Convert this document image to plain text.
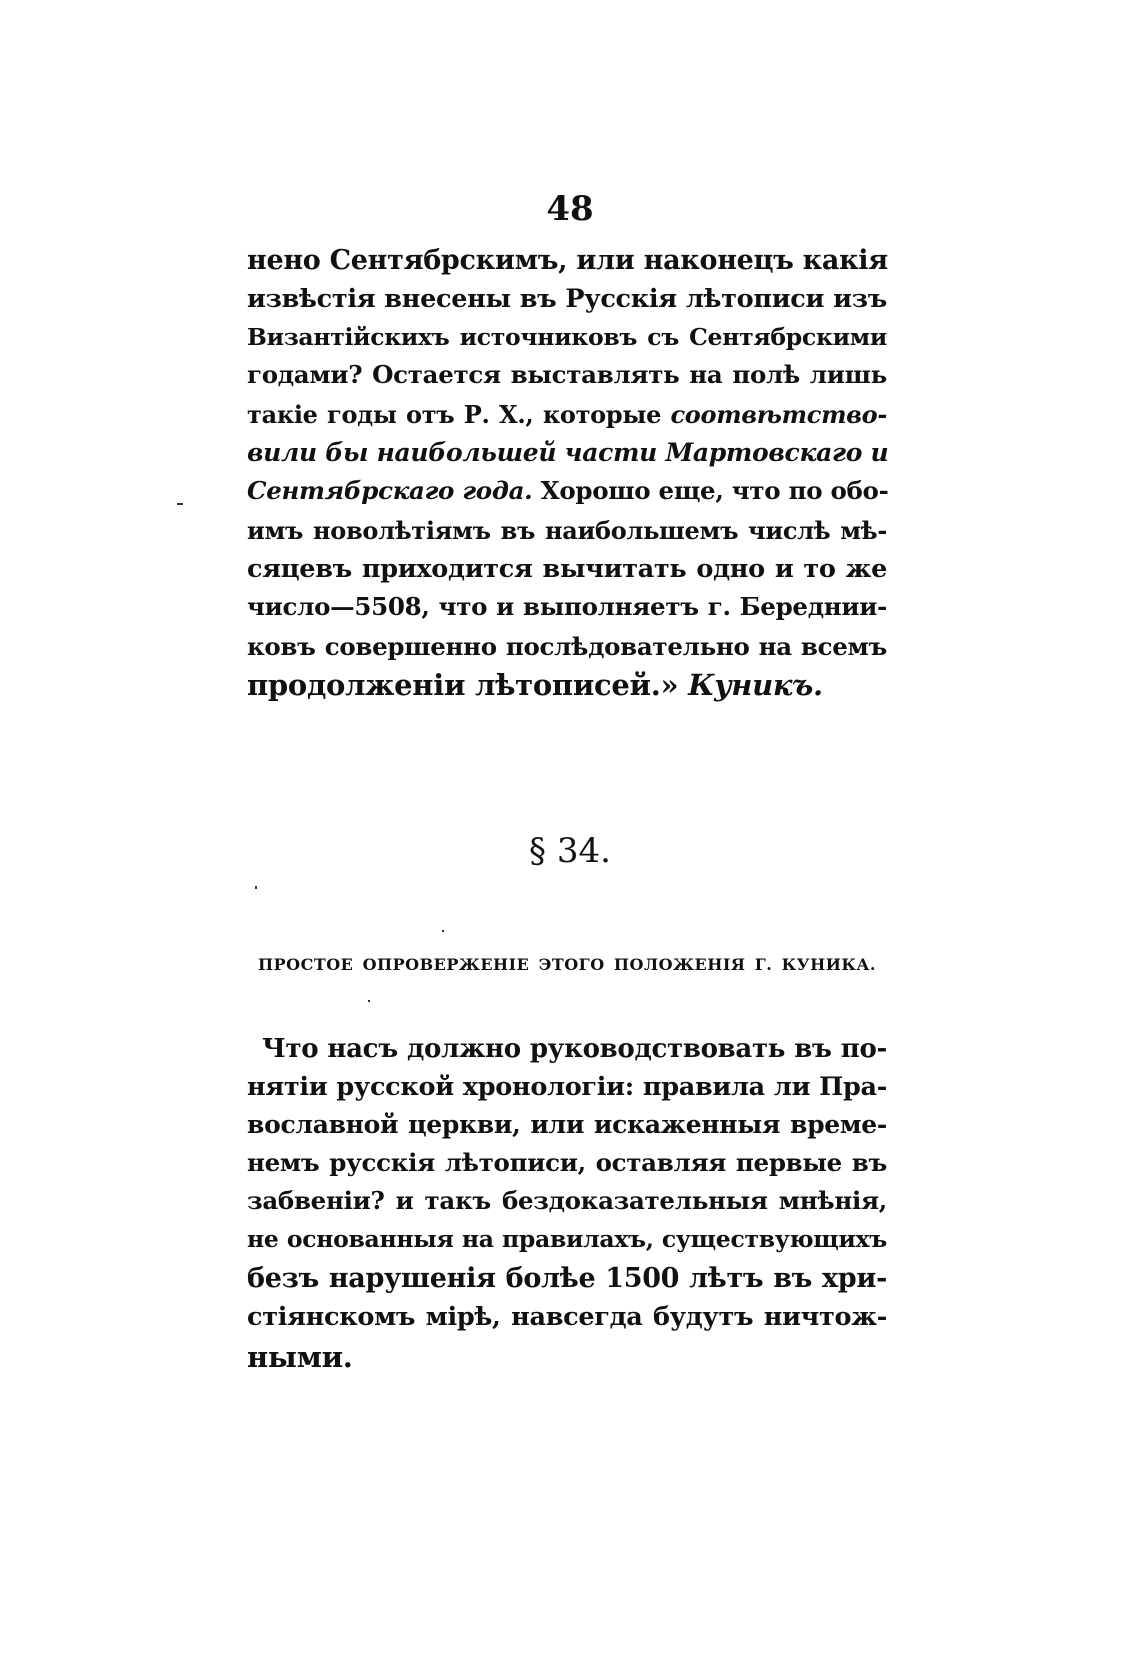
48
нено Сентябрскимъ, или наконецъ какія
извѣстія внесены въ Русскія лѣтописи изъ
Византійскихъ источниковъ съ Сентябрскими
годами? Остается выставлять на полѣ лишь
такіе годы отъ Р. Х., которые соотвѣтство-
вили бы наибольшей части Мартовскаго и
Сентябрскаго года. Хорошо еще, что по обо-
имъ новолѣтіямъ въ наибольшемъ числѣ мѣ-
сяцевъ приходится вычитать одно и то же
число—5508, что и выполняетъ г. Береднии-
ковъ совершенно послѣдовательно на всемъ
продолженіи лѣтописей.» Куникъ.
§ 34.
ПРОСТОЕ ОПРОВЕРЖЕНІЕ ЭТОГО ПОЛОЖЕНІЯ Г. КУНИКА.
Что насъ должно руководствовать въ по-
нятіи русской хронологіи: правила ли Пра-
вославной церкви, или искаженныя време-
немъ русскія лѣтописи, оставляя первые въ
забвеніи? и такъ бездоказательныя мнѣнія,
не основанныя на правилахъ, существующихъ
безъ нарушенія болѣе 1500 лѣтъ въ хри-
стіянскомъ мірѣ, навсегда будутъ ничтож-
ными.
